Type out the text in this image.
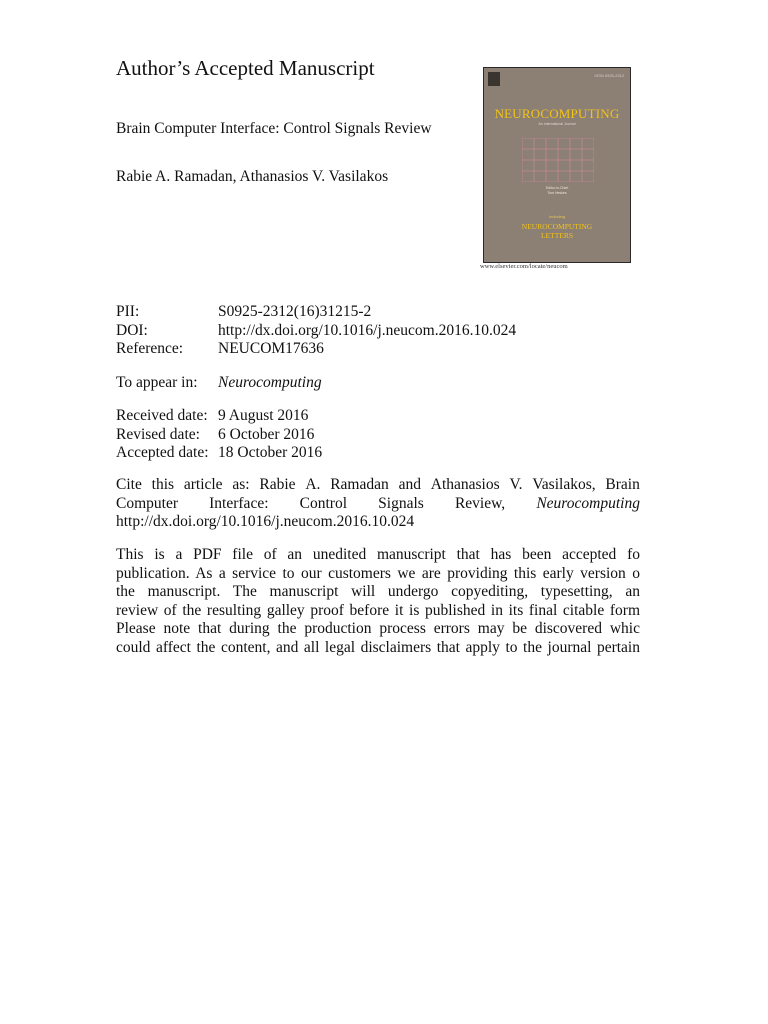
Author’s Accepted Manuscript
Brain Computer Interface: Control Signals Review
Rabie A. Ramadan, Athanasios V. Vasilakos
ISSN 0925-2312
NEUROCOMPUTING
An International Journal
Editor-in-Chief
Tom Heskes
Including
NEUROCOMPUTING
LETTERS
www.elsevier.com/locate/neucom
PII:	S0925-2312(16)31215-2
DOI:	http://dx.doi.org/10.1016/j.neucom.2016.10.024
Reference:	NEUCOM17636
To appear in:	Neurocomputing
Received date: 9 August 2016
Revised date:	6 October 2016
Accepted date: 18 October 2016
Cite this article as: Rabie A. Ramadan and Athanasios V. Vasilakos, Brain
Computer Interface: Control Signals Review, Neurocomputing
http://dx.doi.org/10.1016/j.neucom.2016.10.024
This is a PDF file of an unedited manuscript that has been accepted fo
publication. As a service to our customers we are providing this early version o
the manuscript. The manuscript will undergo copyediting, typesetting, an
review of the resulting galley proof before it is published in its final citable form
Please note that during the production process errors may be discovered whic
could affect the content, and all legal disclaimers that apply to the journal pertain
